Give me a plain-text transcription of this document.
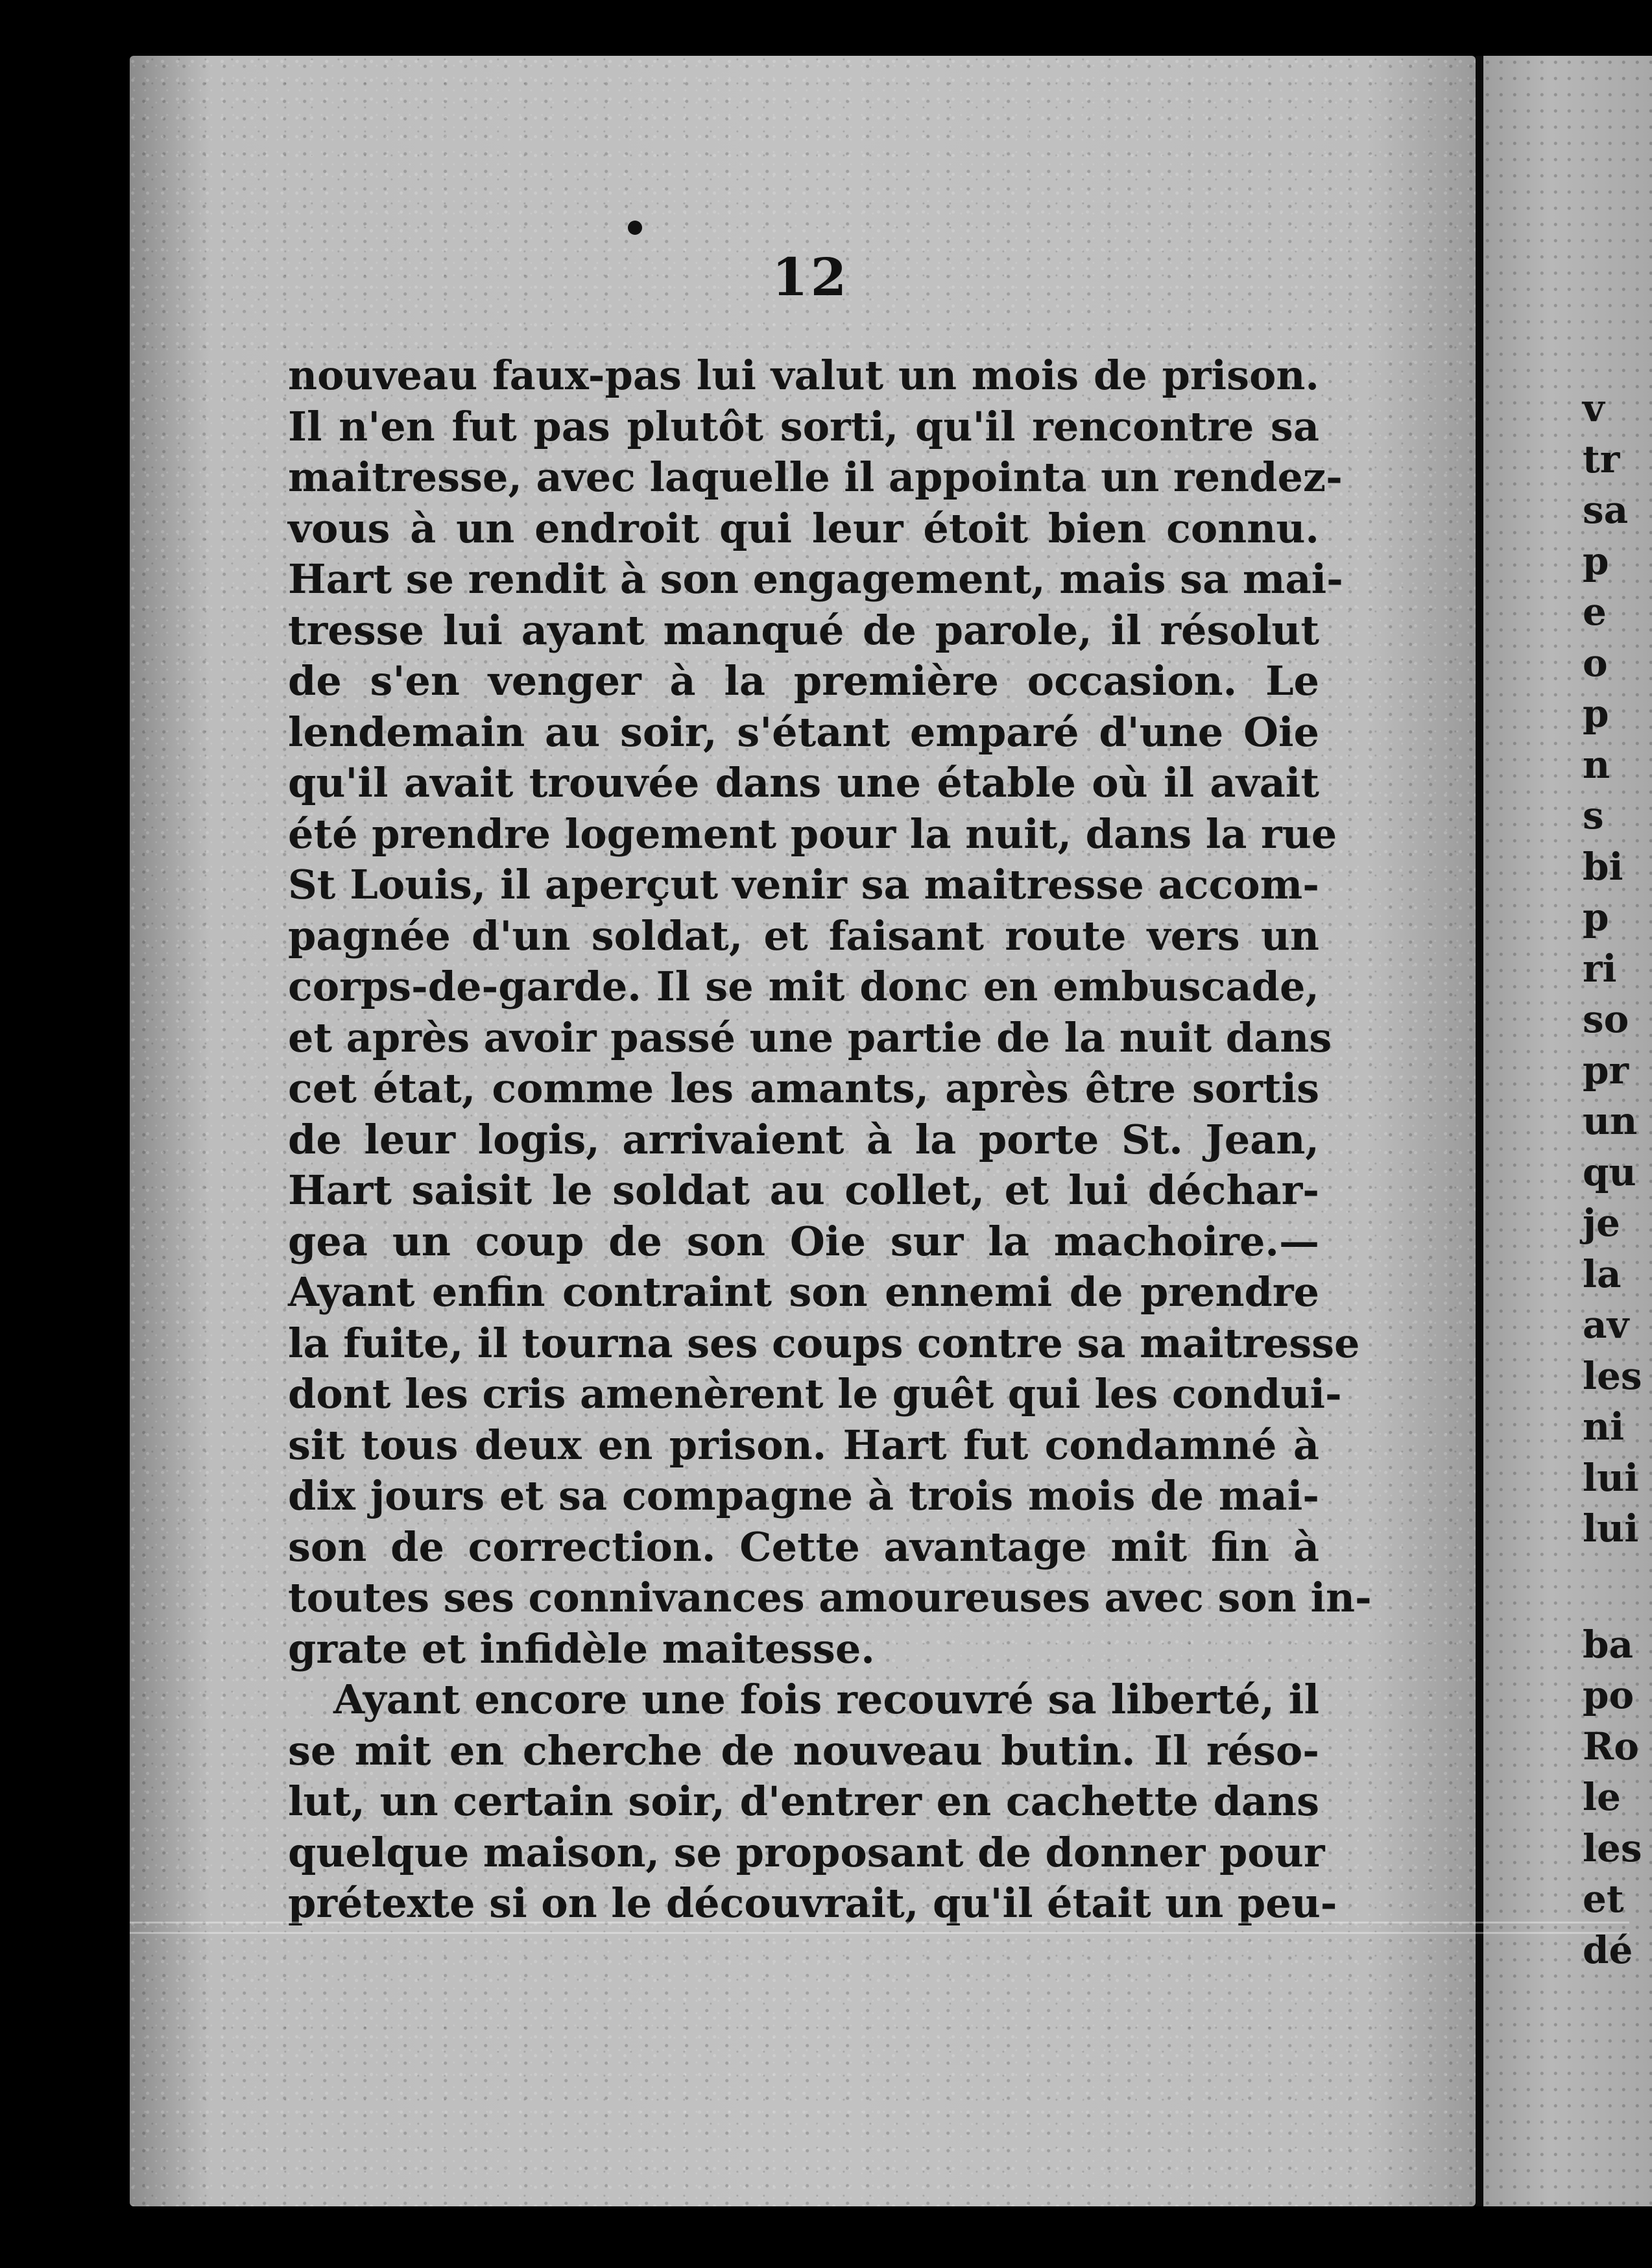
12
nouveau faux-pas lui valut un mois de prison.
Il n'en fut pas plutôt sorti, qu'il rencontre sa
maitresse, avec laquelle il appointa un rendez-
vous à un endroit qui leur étoit bien connu.
Hart se rendit à son engagement, mais sa mai-
tresse lui ayant manqué de parole, il résolut
de s'en venger à la première occasion. Le
lendemain au soir, s'étant emparé d'une Oie
qu'il avait trouvée dans une étable où il avait
été prendre logement pour la nuit, dans la rue
St Louis, il aperçut venir sa maitresse accom-
pagnée d'un soldat, et faisant route vers un
corps-de-garde. Il se mit donc en embuscade,
et après avoir passé une partie de la nuit dans
cet état, comme les amants, après être sortis
de leur logis, arrivaient à la porte St. Jean,
Hart saisit le soldat au collet, et lui déchar-
gea un coup de son Oie sur la machoire.—
Ayant enfin contraint son ennemi de prendre
la fuite, il tourna ses coups contre sa maitresse
dont les cris amenèrent le guêt qui les condui-
sit tous deux en prison. Hart fut condamné à
dix jours et sa compagne à trois mois de mai-
son de correction. Cette avantage mit fin à
toutes ses connivances amoureuses avec son in-
grate et infidèle maitesse.
Ayant encore une fois recouvré sa liberté, il
se mit en cherche de nouveau butin. Il réso-
lut, un certain soir, d'entrer en cachette dans
quelque maison, se proposant de donner pour
prétexte si on le découvrait, qu'il était un peu-
v
tr
sa
p
e
o
p
n
s
bi
p
ri
so
pr
un
qu
je
la
av
les
ni
lui
lui
ba
po
Ro
le
les
et
dé
